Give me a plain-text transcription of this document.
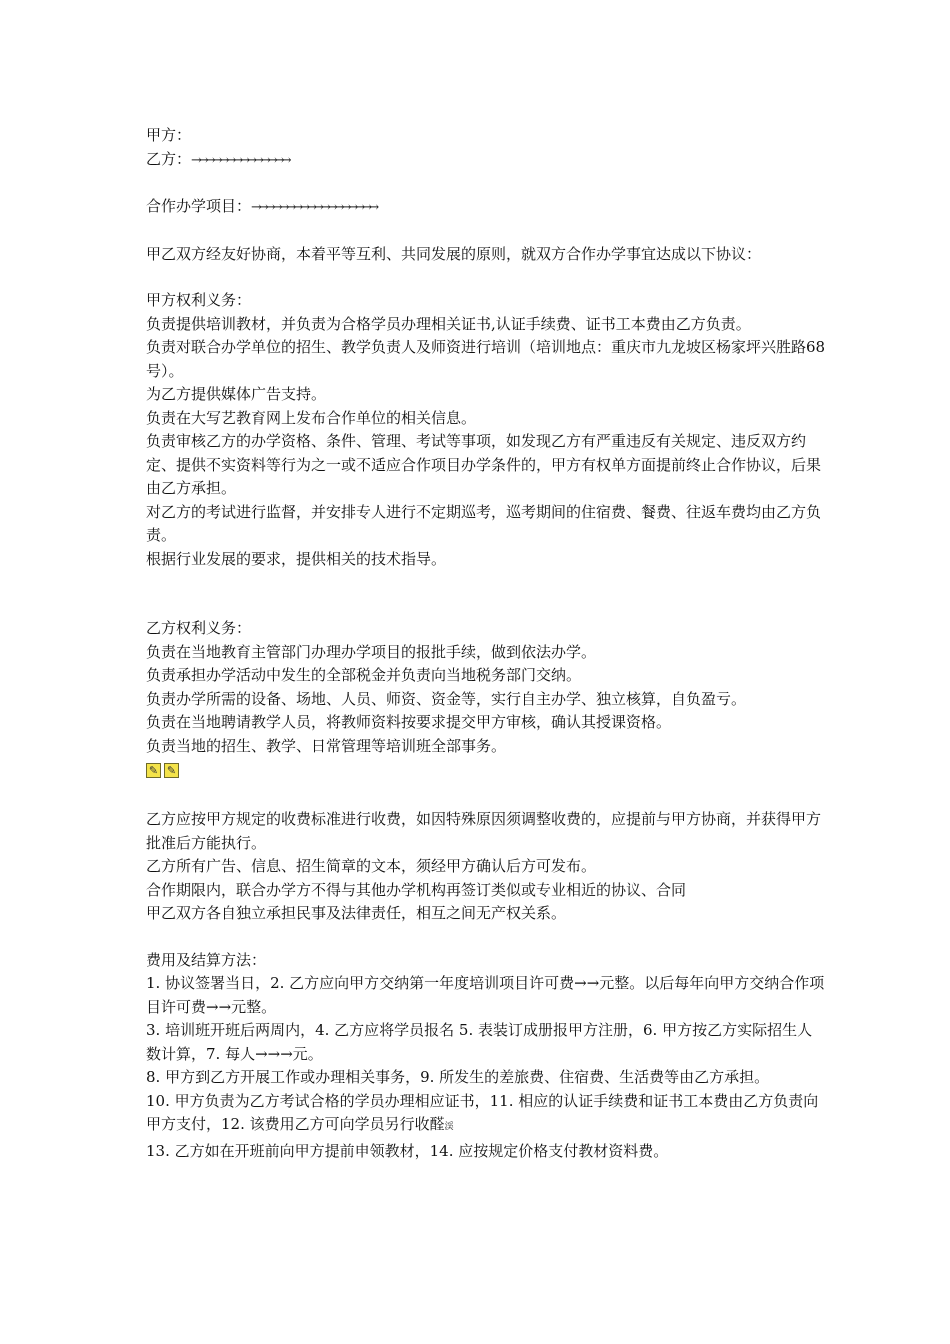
甲方：

乙方：→→→→→→→→→→→→→→

合作办学项目：→→→→→→→→→→→→→→→→→→

甲乙双方经友好协商，本着平等互利、共同发展的原则，就双方合作办学事宜达成以下协议：

甲方权利义务：

负责提供培训教材，并负责为合格学员办理相关证书,认证手续费、证书工本费由乙方负责。

负责对联合办学单位的招生、教学负责人及师资进行培训（培训地点：重庆市九龙坡区杨家坪兴胜路68号）。

为乙方提供媒体广告支持。

负责在大写艺教育网上发布合作单位的相关信息。

负责审核乙方的办学资格、条件、管理、考试等事项，如发现乙方有严重违反有关规定、违反双方约定、提供不实资料等行为之一或不适应合作项目办学条件的，甲方有权单方面提前终止合作协议，后果由乙方承担。

对乙方的考试进行监督，并安排专人进行不定期巡考，巡考期间的住宿费、餐费、往返车费均由乙方负责。

根据行业发展的要求，提供相关的技术指导。

乙方权利义务：

负责在当地教育主管部门办理办学项目的报批手续，做到依法办学。

负责承担办学活动中发生的全部税金并负责向当地税务部门交纳。

负责办学所需的设备、场地、人员、师资、资金等，实行自主办学、独立核算，自负盈亏。

负责在当地聘请教学人员，将教师资料按要求提交甲方审核，确认其授课资格。

负责当地的招生、教学、日常管理等培训班全部事务。

✎ ✎

乙方应按甲方规定的收费标准进行收费，如因特殊原因须调整收费的，应提前与甲方协商，并获得甲方批准后方能执行。

乙方所有广告、信息、招生简章的文本，须经甲方确认后方可发布。

合作期限内，联合办学方不得与其他办学机构再签订类似或专业相近的协议、合同

甲乙双方各自独立承担民事及法律责任，相互之间无产权关系。

费用及结算方法：

1. 协议签署当日，2. 乙方应向甲方交纳第一年度培训项目许可费→→元整。以后每年向甲方交纳合作项目许可费→→元整。

3. 培训班开班后两周内，4. 乙方应将学员报名 5. 表装订成册报甲方注册，6. 甲方按乙方实际招生人数计算，7. 每人→→→元。

8. 甲方到乙方开展工作或办理相关事务，9. 所发生的差旅费、住宿费、生活费等由乙方承担。

10. 甲方负责为乙方考试合格的学员办理相应证书，11. 相应的认证手续费和证书工本费由乙方负责向甲方支付，12. 该费用乙方可向学员另行收醛渓

13. 乙方如在开班前向甲方提前申领教材，14. 应按规定价格支付教材资料费。
